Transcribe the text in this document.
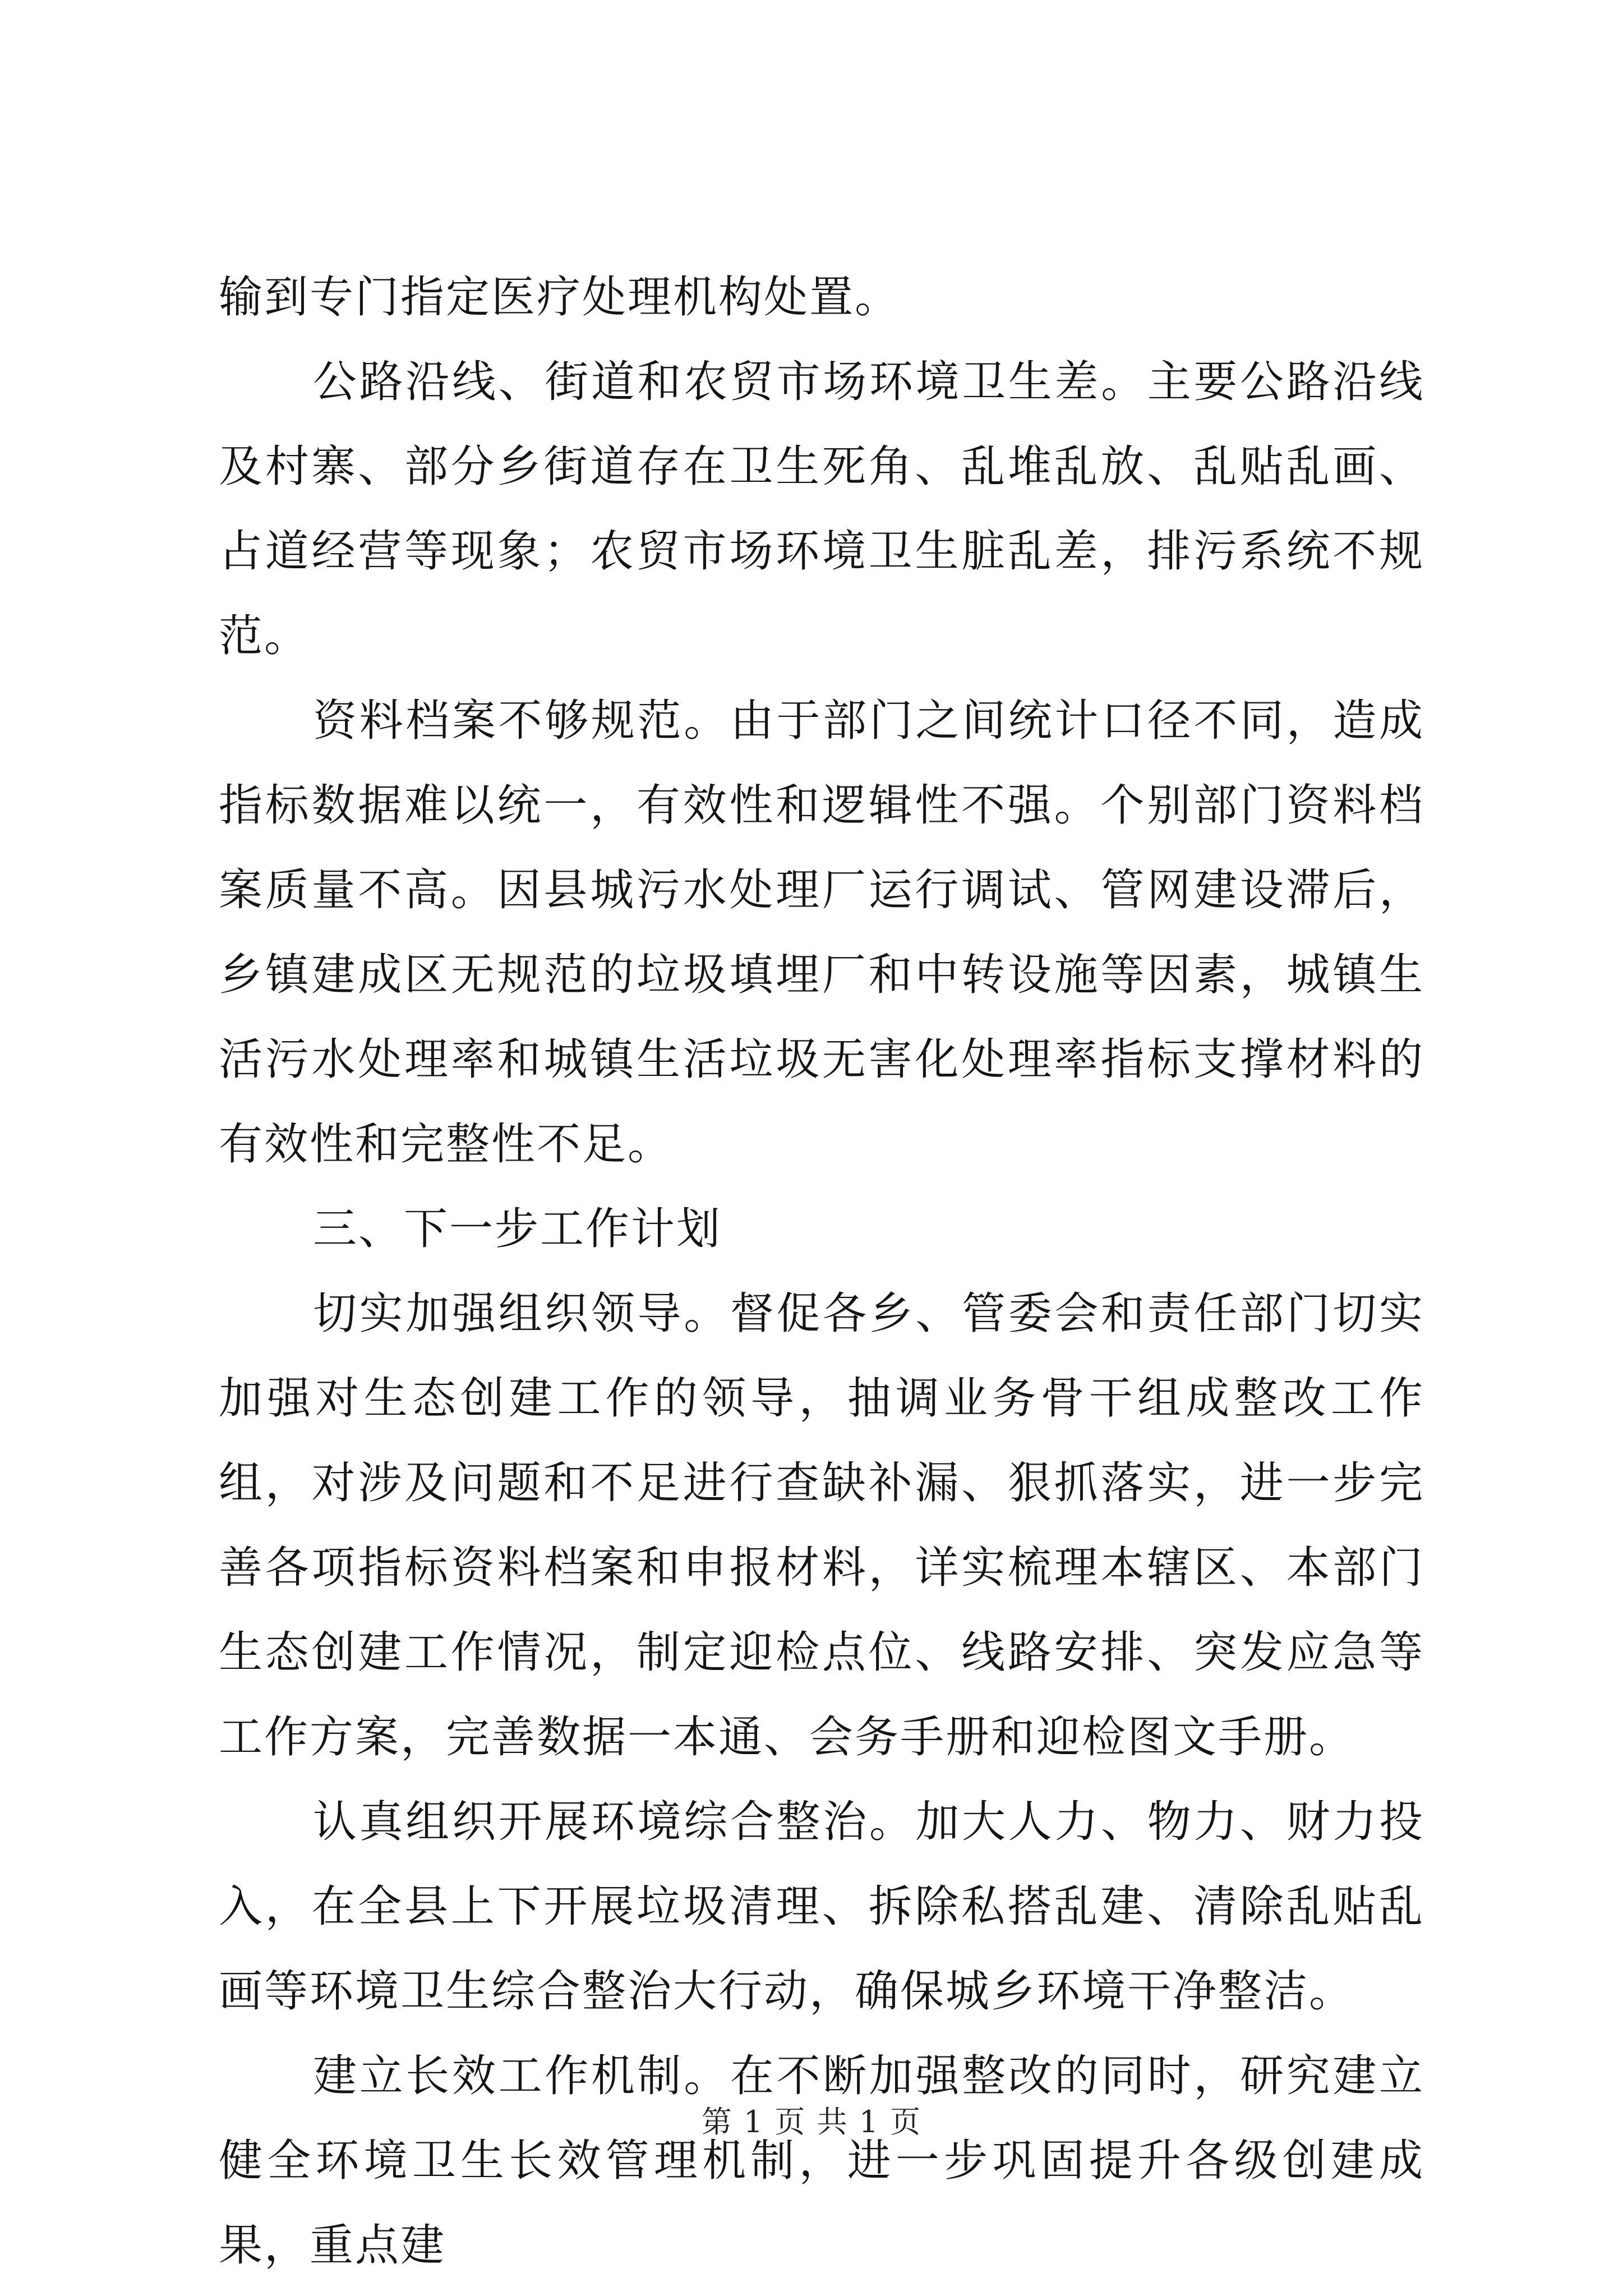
输到专门指定医疗处理机构处置。

公路沿线、街道和农贸市场环境卫生差。主要公路沿线及村寨、部分乡街道存在卫生死角、乱堆乱放、乱贴乱画、占道经营等现象；农贸市场环境卫生脏乱差，排污系统不规范。

资料档案不够规范。由于部门之间统计口径不同，造成指标数据难以统一，有效性和逻辑性不强。个别部门资料档案质量不高。因县城污水处理厂运行调试、管网建设滞后，乡镇建成区无规范的垃圾填埋厂和中转设施等因素，城镇生活污水处理率和城镇生活垃圾无害化处理率指标支撑材料的有效性和完整性不足。

三、下一步工作计划

切实加强组织领导。督促各乡、管委会和责任部门切实加强对生态创建工作的领导，抽调业务骨干组成整改工作组，对涉及问题和不足进行查缺补漏、狠抓落实，进一步完善各项指标资料档案和申报材料，详实梳理本辖区、本部门生态创建工作情况，制定迎检点位、线路安排、突发应急等工作方案，完善数据一本通、会务手册和迎检图文手册。

认真组织开展环境综合整治。加大人力、物力、财力投入，在全县上下开展垃圾清理、拆除私搭乱建、清除乱贴乱画等环境卫生综合整治大行动，确保城乡环境干净整洁。

建立长效工作机制。在不断加强整改的同时，研究建立健全环境卫生长效管理机制，进一步巩固提升各级创建成果，重点建

第 1 页 共 1 页
